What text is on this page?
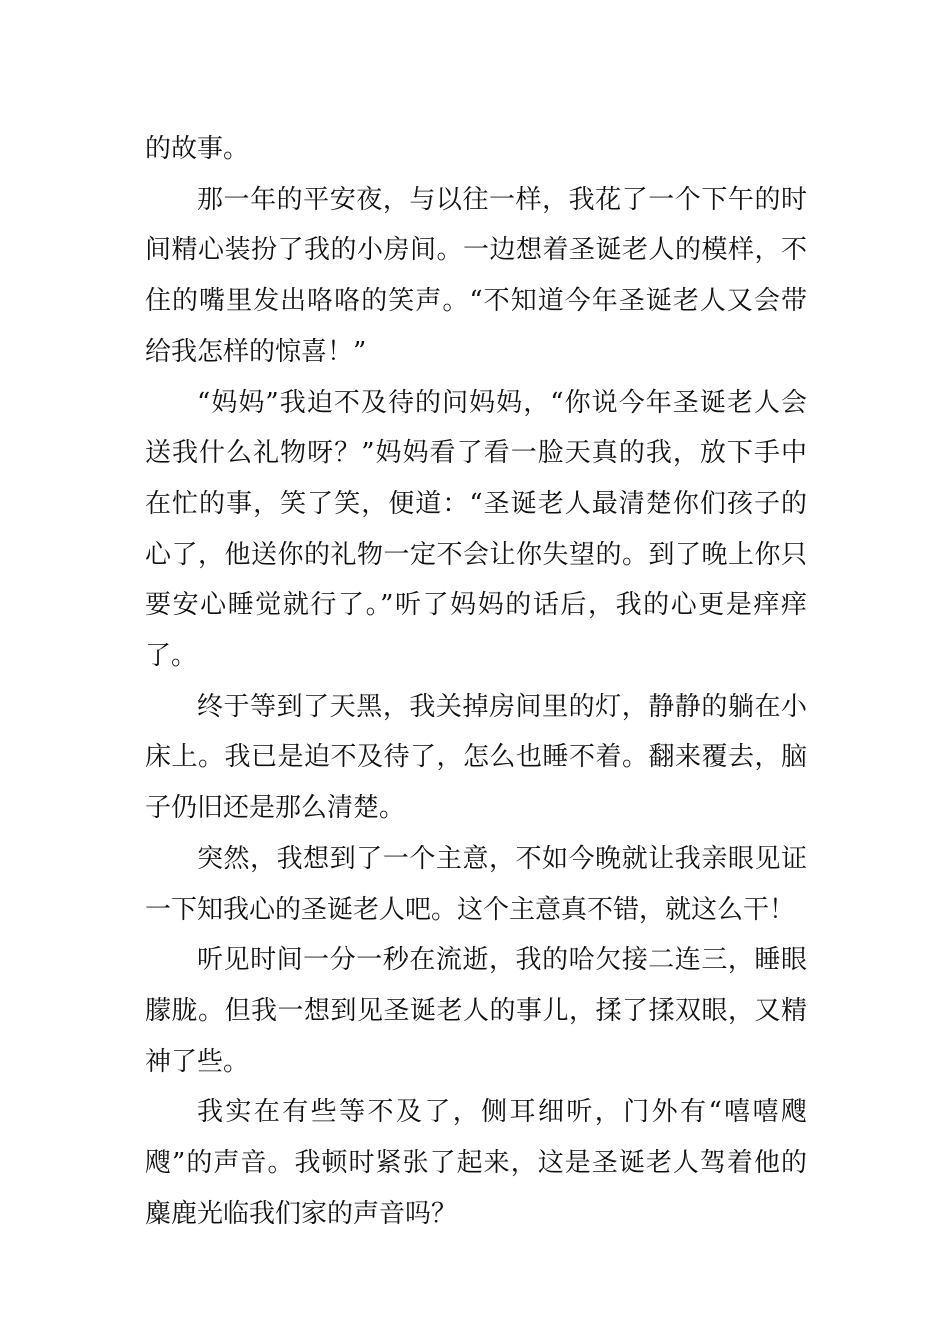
的故事。

那一年的平安夜，与以往一样，我花了一个下午的时间精心装扮了我的小房间。一边想着圣诞老人的模样，不住的嘴里发出咯咯的笑声。“不知道今年圣诞老人又会带给我怎样的惊喜！”

“妈妈”我迫不及待的问妈妈，“你说今年圣诞老人会送我什么礼物呀？”妈妈看了看一脸天真的我，放下手中在忙的事，笑了笑，便道：“圣诞老人最清楚你们孩子的心了，他送你的礼物一定不会让你失望的。到了晚上你只要安心睡觉就行了。”听了妈妈的话后，我的心更是痒痒了。

终于等到了天黑，我关掉房间里的灯，静静的躺在小床上。我已是迫不及待了，怎么也睡不着。翻来覆去，脑子仍旧还是那么清楚。

突然，我想到了一个主意，不如今晚就让我亲眼见证一下知我心的圣诞老人吧。这个主意真不错，就这么干！

听见时间一分一秒在流逝，我的哈欠接二连三，睡眼朦胧。但我一想到见圣诞老人的事儿，揉了揉双眼，又精神了些。

我实在有些等不及了，侧耳细听，门外有“嘻嘻飕飕”的声音。我顿时紧张了起来，这是圣诞老人驾着他的麋鹿光临我们家的声音吗？
